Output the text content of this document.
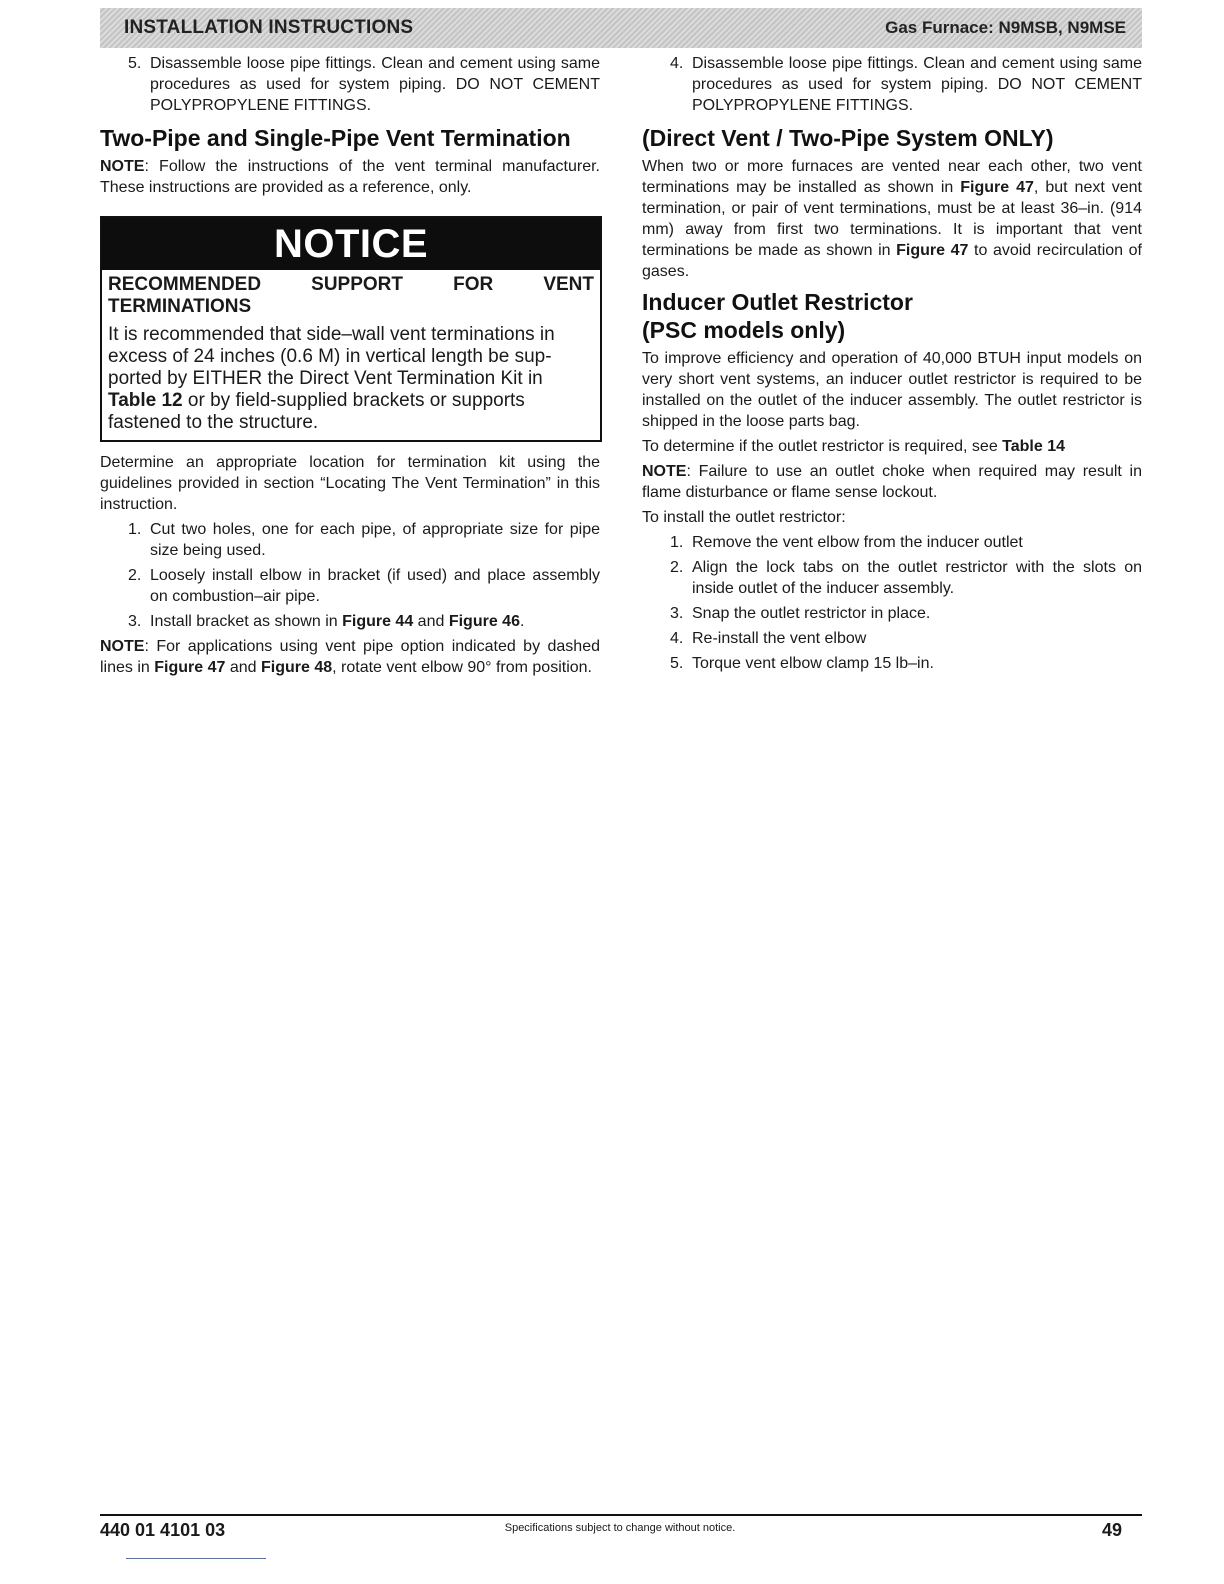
INSTALLATION INSTRUCTIONS	Gas Furnace: N9MSB, N9MSE
5. Disassemble loose pipe fittings. Clean and cement using same procedures as used for system piping. DO NOT CEMENT POLYPROPYLENE FITTINGS.
Two-Pipe and Single-Pipe Vent Termination

NOTE: Follow the instructions of the vent terminal manufacturer. These instructions are provided as a reference, only.

NOTICE
RECOMMENDED	SUPPORT	FOR	VENT
TERMINATIONS
It is recommended that side–wall vent terminations in excess of 24 inches (0.6 M) in vertical length be sup-ported by EITHER the Direct Vent Termination Kit in Table 12 or by field-supplied brackets or supports fastened to the structure.

Determine an appropriate location for termination kit using the guidelines provided in section “Locating The Vent Termination” in this instruction.

1. Cut two holes, one for each pipe, of appropriate size for pipe size being used.
2. Loosely install elbow in bracket (if used) and place assembly on combustion–air pipe.
3. Install bracket as shown in Figure 44 and Figure 46.

NOTE: For applications using vent pipe option indicated by dashed lines in Figure 47 and Figure 48, rotate vent elbow 90° from position.

4. Disassemble loose pipe fittings. Clean and cement using same procedures as used for system piping. DO NOT CEMENT POLYPROPYLENE FITTINGS.
(Direct Vent / Two-Pipe System ONLY)

When two or more furnaces are vented near each other, two vent terminations may be installed as shown in Figure 47, but next vent termination, or pair of vent terminations, must be at least 36–in. (914 mm) away from first two terminations. It is important that vent terminations be made as shown in Figure 47 to avoid recirculation of gases.

Inducer Outlet Restrictor
(PSC models only)

To improve efficiency and operation of 40,000 BTUH input models on very short vent systems, an inducer outlet restrictor is required to be installed on the outlet of the inducer assembly. The outlet restrictor is shipped in the loose parts bag.

To determine if the outlet restrictor is required, see Table 14

NOTE: Failure to use an outlet choke when required may result in flame disturbance or flame sense lockout.

To install the outlet restrictor:

1. Remove the vent elbow from the inducer outlet
2. Align the lock tabs on the outlet restrictor with the slots on inside outlet of the inducer assembly.
3. Snap the outlet restrictor in place.
4. Re-install the vent elbow
5. Torque vent elbow clamp 15 lb–in.
440 01 4101 03	Specifications subject to change without notice.	49
